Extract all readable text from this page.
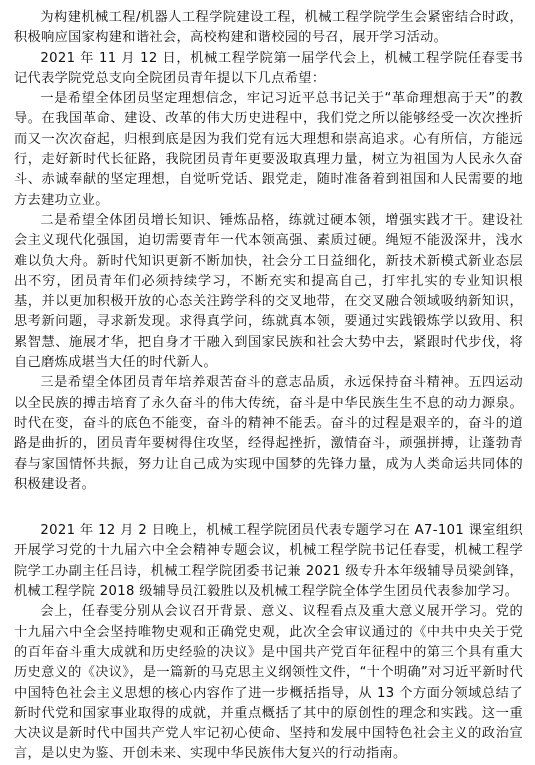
为构建机械工程/机器人工程学院建设工程，机械工程学院学生会紧密结合时政，积极响应国家构建和谐社会，高校构建和谐校园的号召，展开学习活动。

2021 年 11 月 12 日，机械工程学院第一届学代会上，机械工程学院任春雯书记代表学院党总支向全院团员青年提以下几点希望：

一是希望全体团员坚定理想信念，牢记习近平总书记关于“革命理想高于天”的教导。在我国革命、建设、改革的伟大历史进程中，我们党之所以能够经受一次次挫折而又一次次奋起，归根到底是因为我们党有远大理想和崇高追求。心有所信，方能远行，走好新时代长征路，我院团员青年更要汲取真理力量，树立为祖国为人民永久奋斗、赤诚奉献的坚定理想，自觉听党话、跟党走，随时准备着到祖国和人民需要的地方去建功立业。

二是希望全体团员增长知识、锤炼品格，练就过硬本领，增强实践才干。建设社会主义现代化强国，迫切需要青年一代本领高强、素质过硬。绳短不能汲深井，浅水难以负大舟。新时代知识更新不断加快，社会分工日益细化，新技术新模式新业态层出不穷，团员青年们必须持续学习，不断充实和提高自己，打牢扎实的专业知识根基，并以更加积极开放的心态关注跨学科的交叉地带，在交叉融合领域吸纳新知识，思考新问题，寻求新发现。求得真学问，练就真本领，要通过实践锻炼学以致用、积累智慧、施展才华，把自身才干融入到国家民族和社会大势中去，紧跟时代步伐，将自己磨炼成堪当大任的时代新人。

三是希望全体团员青年培养艰苦奋斗的意志品质，永远保持奋斗精神。五四运动以全民族的搏击培育了永久奋斗的伟大传统，奋斗是中华民族生生不息的动力源泉。时代在变，奋斗的底色不能变，奋斗的精神不能丢。奋斗的过程是艰辛的，奋斗的道路是曲折的，团员青年要树得住攻坚，经得起挫折，激情奋斗，顽强拼搏，让蓬勃青春与家国情怀共振，努力让自己成为实现中国梦的先锋力量，成为人类命运共同体的积极建设者。

2021 年 12 月 2 日晚上，机械工程学院团员代表专题学习在 A7-101 课室组织开展学习党的十九届六中全会精神专题会议，机械工程学院书记任春雯，机械工程学院学工办副主任吕诗，机械工程学院团委书记兼 2021 级专升本年级辅导员梁剑锋，机械工程学院 2018 级辅导员江毅胜以及机械工程学院全体学生团员代表参加学习。

会上，任春雯分别从会议召开背景、意义、议程看点及重大意义展开学习。党的十九届六中全会坚持唯物史观和正确党史观，此次全会审议通过的《中共中央关于党的百年奋斗重大成就和历史经验的决议》是中国共产党百年征程中的第三个具有重大历史意义的《决议》，是一篇新的马克思主义纲领性文件，“十个明确”对习近平新时代中国特色社会主义思想的核心内容作了进一步概括指导，从 13 个方面分领域总结了新时代党和国家事业取得的成就，并重点概括了其中的原创性的理念和实践。这一重大决议是新时代中国共产党人牢记初心使命、坚持和发展中国特色社会主义的政治宣言，是以史为鉴、开创未来、实现中华民族伟大复兴的行动指南。
